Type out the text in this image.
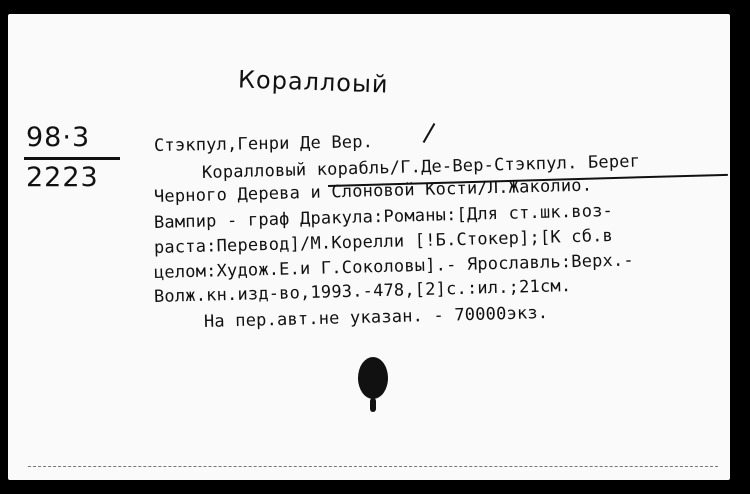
Кораллоый
98·3
2223
Стэкпул,Генри Де Вер.
Коралловый корабль/Г.Де-Вер-Стэкпул. Берег
Черного Дерева и Слоновой Кости/Л.Жаколио.
Вампир - граф Дракула:Романы:[Для ст.шк.воз-
раста:Перевод]/М.Корелли [!Б.Стокер];[К сб.в
целом:Худож.Е.и Г.Соколовы].- Ярославль:Верх.-
Волж.кн.изд-во,1993.-478,[2]с.:ил.;21см.
На пер.авт.не указан. - 70000экз.
